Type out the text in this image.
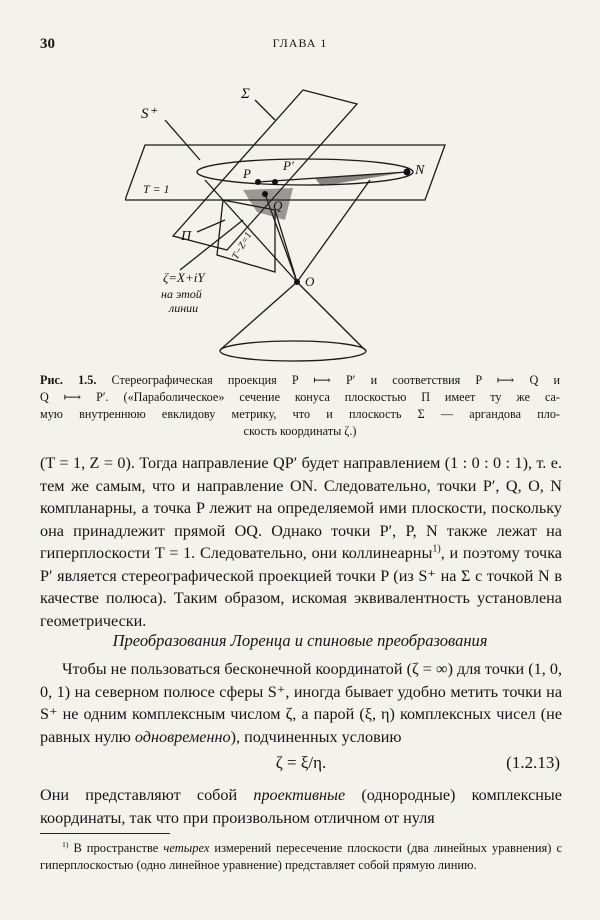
30	ГЛАВА 1
S⁺
Σ
P′
P	N
T = 1
Q
Π	T−Z=1
ζ=X+iY
на этой
линии
O
Рис. 1.5. Стереографическая проекция P ⟼ P′ и соответствия P ⟼ Q и
Q ⟼ P′. («Параболическое» сечение конуса плоскостью Π имеет ту же са-
мую внутреннюю евклидову метрику, что и плоскость Σ — аргандова пло-
скость координаты ζ.)

(T = 1, Z = 0). Тогда направление QP′ будет направлением (1 : 0 : 0 : 1), т. е. тем же самым, что и направление ON. Следовательно, точки P′, Q, O, N компланарны, а точка P лежит на определяемой ими плоскости, поскольку она принадлежит прямой OQ. Однако точки P′, P, N также лежат на гиперплоскости T = 1. Следовательно, они коллинеарны$^{1)}$, и поэтому точка P′ является стереографической проекцией точки P (из S⁺ на Σ с точкой N в качестве полюса). Таким образом, искомая эквивалентность установлена геометрически.

Преобразования Лоренца и спиновые преобразования

Чтобы не пользоваться бесконечной координатой (ζ = ∞) для точки (1, 0, 0, 1) на северном полюсе сферы S⁺, иногда бывает удобно метить точки на S⁺ не одним комплексным числом ζ, а парой (ξ, η) комплексных чисел (не равных нулю одновременно), подчиненных условию

ζ = ξ/η.	(1.2.13)

Они представляют собой проективные (однородные) комплексные координаты, так что при произвольном отличном от нуля

$^{1)}$ В пространстве четырех измерений пересечение плоскости (два линейных уравнения) с гиперплоскостью (одно линейное уравнение) представляет собой прямую линию.
